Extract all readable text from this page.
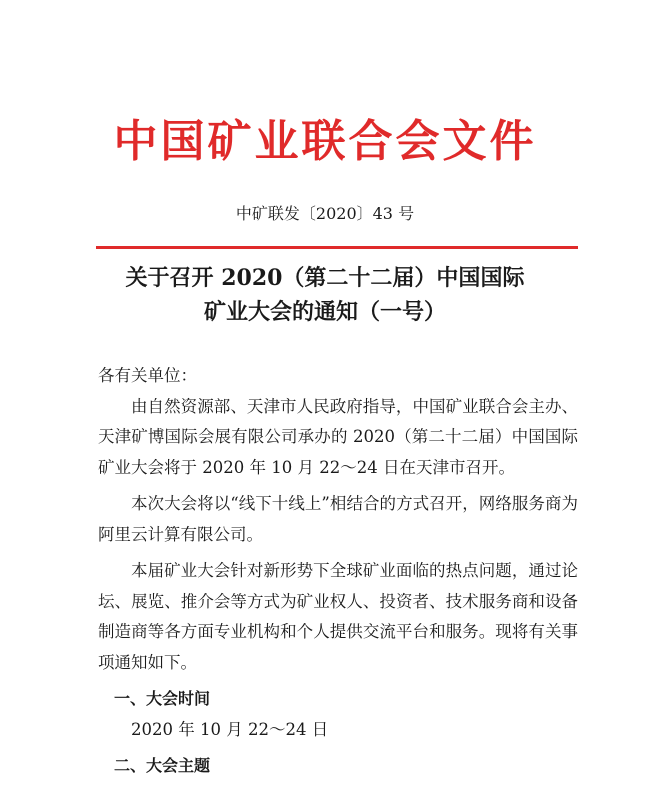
中国矿业联合会文件
中矿联发〔2020〕43 号
关于召开 2020（第二十二届）中国国际
矿业大会的通知（一号）

各有关单位：

由自然资源部、天津市人民政府指导，中国矿业联合会主办、天津矿博国际会展有限公司承办的 2020（第二十二届）中国国际矿业大会将于 2020 年 10 月 22～24 日在天津市召开。

本次大会将以“线下十线上”相结合的方式召开，网络服务商为阿里云计算有限公司。

本届矿业大会针对新形势下全球矿业面临的热点问题，通过论坛、展览、推介会等方式为矿业权人、投资者、技术服务商和设备制造商等各方面专业机构和个人提供交流平台和服务。现将有关事项通知如下。

一、大会时间

2020 年 10 月 22～24 日

二、大会主题
